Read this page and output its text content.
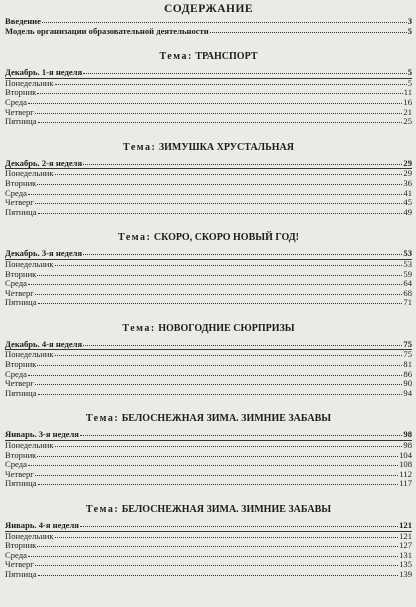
СОДЕРЖАНИЕ
Введение	3
Модель организации образовательной деятельности	5
Тема: ТРАНСПОРТ
Декабрь. 1-я неделя	5
Понедельник	5
Вторник	11
Среда	16
Четверг	21
Пятница	25
Тема: ЗИМУШКА ХРУСТАЛЬНАЯ
Декабрь. 2-я неделя	29
Понедельник	29
Вторник	36
Среда	41
Четверг	45
Пятница	49
Тема: СКОРО, СКОРО НОВЫЙ ГОД!
Декабрь. 3-я неделя	53
Понедельник	53
Вторник	59
Среда	64
Четверг	68
Пятница	71
Тема: НОВОГОДНИЕ СЮРПРИЗЫ
Декабрь. 4-я неделя	75
Понедельник	75
Вторник	81
Среда	86
Четверг	90
Пятница	94
Тема: БЕЛОСНЕЖНАЯ ЗИМА. ЗИМНИЕ ЗАБАВЫ
Январь. 3-я неделя	98
Понедельник	98
Вторник	104
Среда	108
Четверг	112
Пятница	117
Тема: БЕЛОСНЕЖНАЯ ЗИМА. ЗИМНИЕ ЗАБАВЫ
Январь. 4-я неделя	121
Понедельник	121
Вторник	127
Среда	131
Четверг	135
Пятница	139
